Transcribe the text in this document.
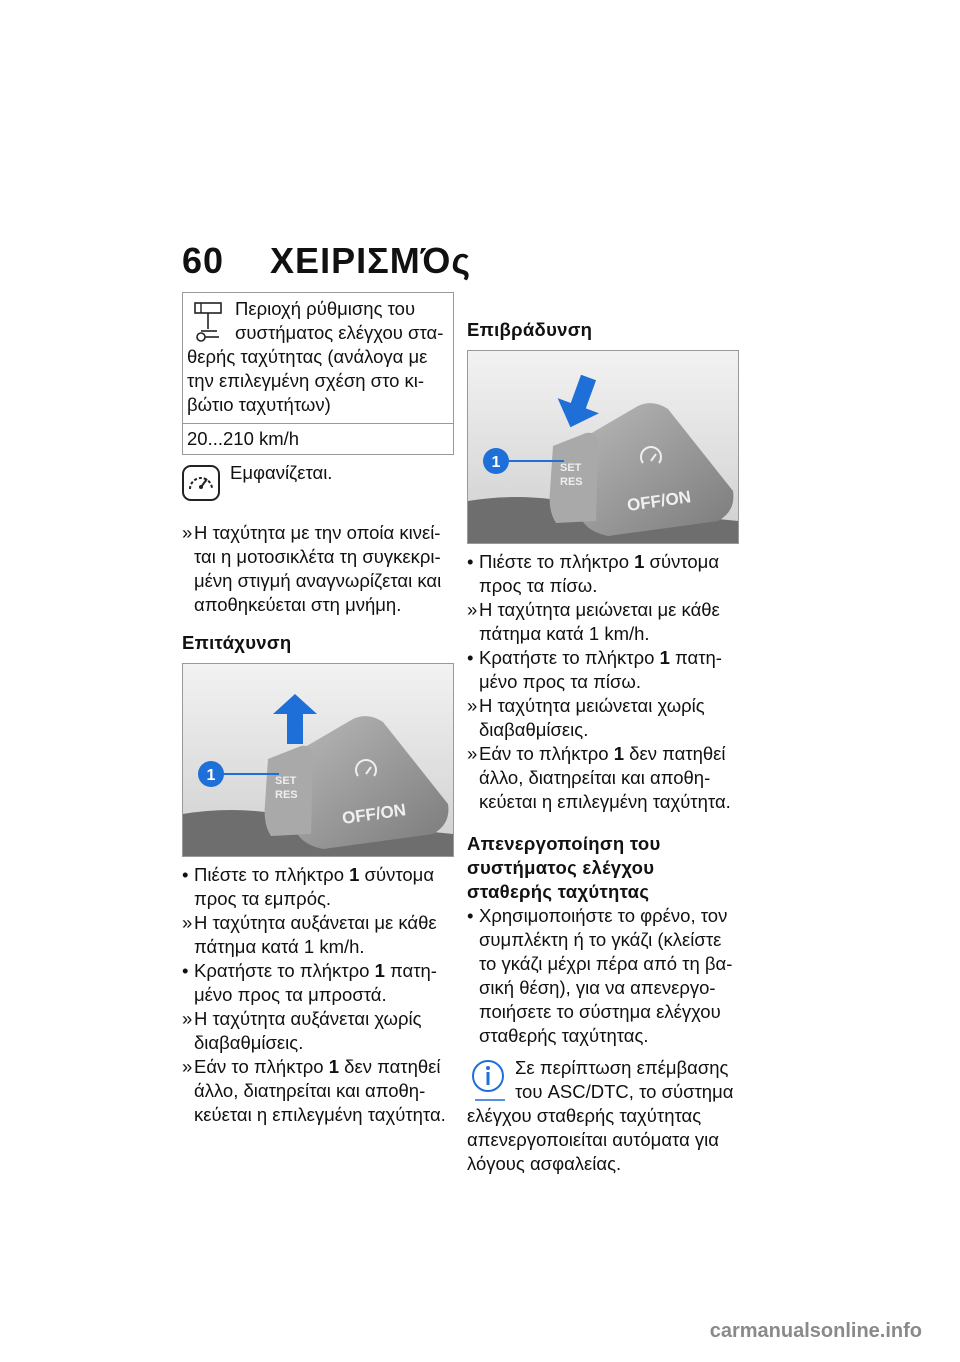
60 ΧΕΙΡΙΣΜΌς
Περιοχή ρύθμισης του
συστήματος ελέγχου στα-
θερής ταχύτητας (ανάλογα με
την επιλεγμένη σχέση στο κι-
βώτιο ταχυτήτων)
20...210 km/h
Εμφανίζεται.
» Η ταχύτητα με την οποία κινεί-
ται η μοτοσικλέτα τη συγκεκρι-
μένη στιγμή αναγνωρίζεται και
αποθηκεύεται στη μνήμη.
Επιτάχυνση
SET
RES
OFF/ON
1
• Πιέστε το πλήκτρο 1 σύντομα
προς τα εμπρός.
» Η ταχύτητα αυξάνεται με κάθε
πάτημα κατά 1 km/h.
• Κρατήστε το πλήκτρο 1 πατη-
μένο προς τα μπροστά.
» Η ταχύτητα αυξάνεται χωρίς
διαβαθμίσεις.
» Εάν το πλήκτρο 1 δεν πατηθεί
άλλο, διατηρείται και αποθη-
κεύεται η επιλεγμένη ταχύτητα.
Επιβράδυνση
SET
RES
OFF/ON
1
• Πιέστε το πλήκτρο 1 σύντομα
προς τα πίσω.
» Η ταχύτητα μειώνεται με κάθε
πάτημα κατά 1 km/h.
• Κρατήστε το πλήκτρο 1 πατη-
μένο προς τα πίσω.
» Η ταχύτητα μειώνεται χωρίς
διαβαθμίσεις.
» Εάν το πλήκτρο 1 δεν πατηθεί
άλλο, διατηρείται και αποθη-
κεύεται η επιλεγμένη ταχύτητα.
Απενεργοποίηση του
συστήματος ελέγχου
σταθερής ταχύτητας
• Χρησιμοποιήστε το φρένο, τον
συμπλέκτη ή το γκάζι (κλείστε
το γκάζι μέχρι πέρα από τη βα-
σική θέση), για να απενεργο-
ποιήσετε το σύστημα ελέγχου
σταθερής ταχύτητας.
Σε περίπτωση επέμβασης
του ASC/DTC, το σύστημα
ελέγχου σταθερής ταχύτητας
απενεργοποιείται αυτόματα για
λόγους ασφαλείας.
carmanualsonline.info
